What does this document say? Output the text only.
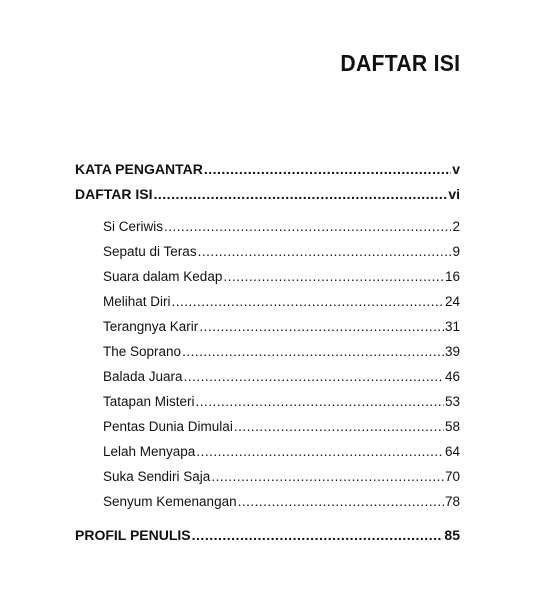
DAFTAR ISI
KATA PENGANTAR .....	v
DAFTAR ISI .....	vi
Si Ceriwis .....	2
Sepatu di Teras .....	9
Suara dalam Kedap .....	16
Melihat Diri .....	24
Terangnya Karir .....	31
The Soprano .....	39
Balada Juara .....	46
Tatapan Misteri .....	53
Pentas Dunia Dimulai .....	58
Lelah Menyapa .....	64
Suka Sendiri Saja .....	70
Senyum Kemenangan .....	78
PROFIL PENULIS .....	85
